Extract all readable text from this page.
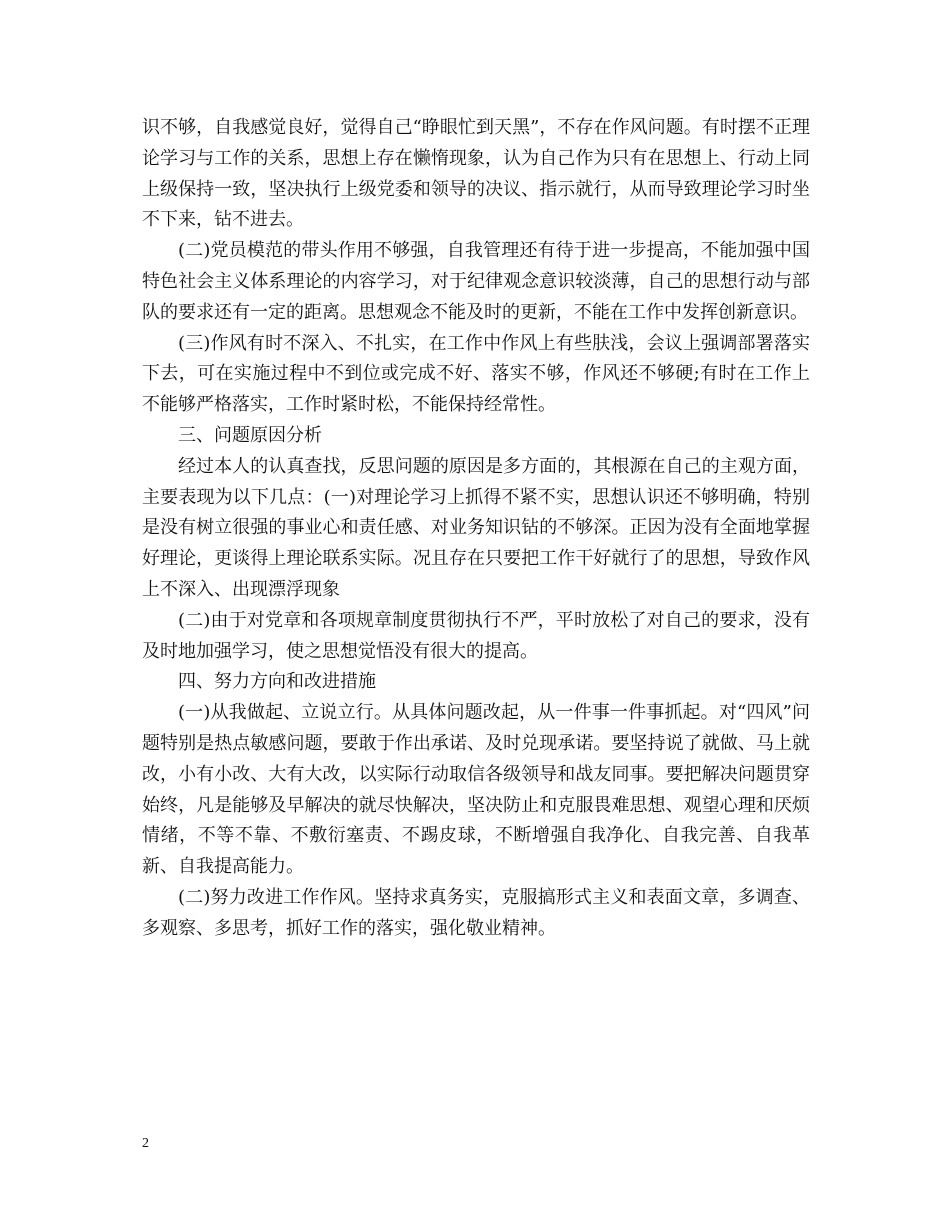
识不够，自我感觉良好，觉得自己“睁眼忙到天黑”，不存在作风问题。有时摆不正理论学习与工作的关系，思想上存在懒惰现象，认为自己作为只有在思想上、行动上同上级保持一致，坚决执行上级党委和领导的决议、指示就行，从而导致理论学习时坐不下来，钻不进去。

(二)党员模范的带头作用不够强，自我管理还有待于进一步提高，不能加强中国特色社会主义体系理论的内容学习，对于纪律观念意识较淡薄，自己的思想行动与部队的要求还有一定的距离。思想观念不能及时的更新，不能在工作中发挥创新意识。

(三)作风有时不深入、不扎实，在工作中作风上有些肤浅，会议上强调部署落实下去，可在实施过程中不到位或完成不好、落实不够，作风还不够硬;有时在工作上不能够严格落实，工作时紧时松，不能保持经常性。

三、问题原因分析

经过本人的认真查找，反思问题的原因是多方面的，其根源在自己的主观方面，主要表现为以下几点：(一)对理论学习上抓得不紧不实，思想认识还不够明确，特别是没有树立很强的事业心和责任感、对业务知识钻的不够深。正因为没有全面地掌握好理论，更谈得上理论联系实际。况且存在只要把工作干好就行了的思想，导致作风上不深入、出现漂浮现象

(二)由于对党章和各项规章制度贯彻执行不严，平时放松了对自己的要求，没有及时地加强学习，使之思想觉悟没有很大的提高。

四、努力方向和改进措施

(一)从我做起、立说立行。从具体问题改起，从一件事一件事抓起。对“四风”问题特别是热点敏感问题，要敢于作出承诺、及时兑现承诺。要坚持说了就做、马上就改，小有小改、大有大改，以实际行动取信各级领导和战友同事。要把解决问题贯穿始终，凡是能够及早解决的就尽快解决，坚决防止和克服畏难思想、观望心理和厌烦情绪，不等不靠、不敷衍塞责、不踢皮球，不断增强自我净化、自我完善、自我革新、自我提高能力。

(二)努力改进工作作风。坚持求真务实，克服搞形式主义和表面文章，多调查、多观察、多思考，抓好工作的落实，强化敬业精神。

2
